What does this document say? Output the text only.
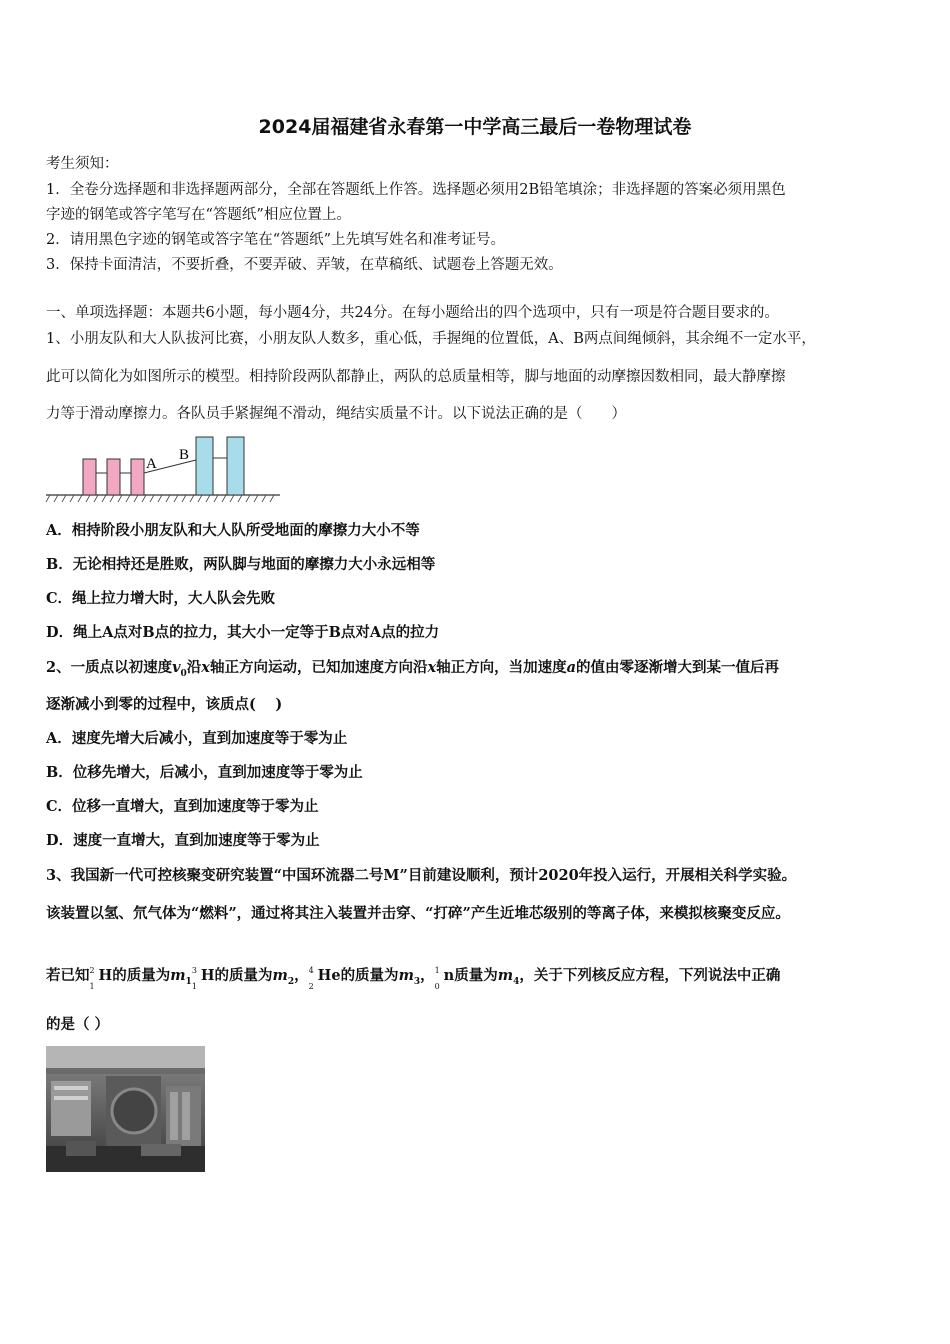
2024届福建省永春第一中学高三最后一卷物理试卷
考生须知：
1．全卷分选择题和非选择题两部分，全部在答题纸上作答。选择题必须用2B铅笔填涂；非选择题的答案必须用黑色
字迹的钢笔或答字笔写在“答题纸”相应位置上。
2．请用黑色字迹的钢笔或答字笔在“答题纸”上先填写姓名和准考证号。
3．保持卡面清洁，不要折叠，不要弄破、弄皱，在草稿纸、试题卷上答题无效。
一、单项选择题：本题共6小题，每小题4分，共24分。在每小题给出的四个选项中，只有一项是符合题目要求的。
1、小朋友队和大人队拔河比赛，小朋友队人数多，重心低，手握绳的位置低，A、B两点间绳倾斜，其余绳不一定水平，
此可以简化为如图所示的模型。相持阶段两队都静止，两队的总质量相等，脚与地面的动摩擦因数相同，最大静摩擦
力等于滑动摩擦力。各队员手紧握绳不滑动，绳结实质量不计。以下说法正确的是（　　）
A
B
A．相持阶段小朋友队和大人队所受地面的摩擦力大小不等
B．无论相持还是胜败，两队脚与地面的摩擦力大小永远相等
C．绳上拉力增大时，大人队会先败
D．绳上A点对B点的拉力，其大小一定等于B点对A点的拉力
2、一质点以初速度$v_0$沿x轴正方向运动，已知加速度方向沿x轴正方向，当加速度a的值由零逐渐增大到某一值后再
逐渐减小到零的过程中，该质点(　 )
A．速度先增大后减小，直到加速度等于零为止
B．位移先增大，后减小，直到加速度等于零为止
C．位移一直增大，直到加速度等于零为止
D．速度一直增大，直到加速度等于零为止
3、我国新一代可控核聚变研究装置“中国环流器二号M”目前建设顺利，预计2020年投入运行，开展相关科学实验。
该装置以氢、氘气体为“燃料”，通过将其注入装置并击穿、“打碎”产生近堆芯级别的等离子体，来模拟核聚变反应。
若已知 2
1
H的质量为$m_1$
3
1
H的质量为$m_2$， 4
2
He的质量为$m_3$， 1
0
n质量为$m_4$，关于下列核反应方程，下列说法中正确
的是（ ）
